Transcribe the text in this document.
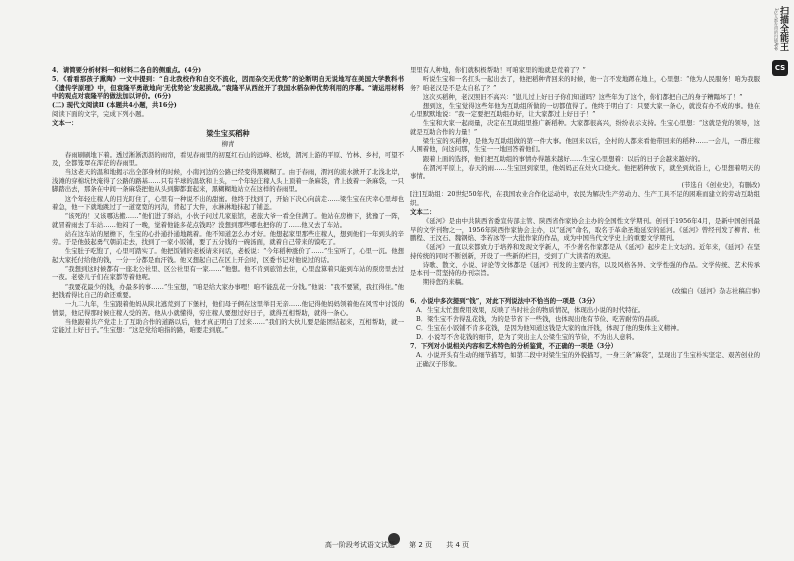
扫描全能王
3亿人都在用的扫描App
CS

4．请简要分析材料一和材料二各自的侧重点。(4分)

5．《看看那孩子熏陶》一文中提到：“自北我校作和自交不流化，因而杂交无优势”的论断明自无说地写在美国大学教科书《遗传学原理》中，但袁隆平勇敢地向‘无优势论’发起挑战。”袁隆平从西丝开了我国水稻杂种优势利用的序幕。“请运用材料中的观点对袁隆平的做法加以评价。(6分)

(二) 现代文阅读Ⅱ (本题共4小题，共16分)

阅读下面的文字，完成下列小题。

文本一：

梁生宝买稻种

柳青

春雨刷刷地下着。透过淅淅沥沥的雨帘，看见春雨里的初夏红石山的远峰、松坡，渭河上游的平原、竹林、乡村，可望不及，全都笼罩在浑茫的春雨里。

当这老天的温和地揭示出全部身材的时候，小南河边的公路已经变得黑糊糊了。由于春雨，渭河的流水掀开了北浅北岸，浅滩的穿棉坑快淹得了公路的路基……只有半球的温软和上头，一个年轻庄稼人头上顶着一条麻袋，背上披着一条麻袋，一只脚踏出去，那条在中间一条麻袋把他从头到脚都套起来，黑糊糊地站立在这样的春雨里。

这个年轻庄稼人的目光盯住了，心里有一种说不出的甜蜜。他终于找到了，开始下决心向前走……梁生宝在庆幸心里却也着急，他一下就地跳过了一道宽宽的河沟，背起了大件，水淋淋地抹起了铺盖。

“该死的！又该哪达搬……”他们进了驿站，小伙子问过几家旅馆，老旅大爷一看全住满了。他站在房檐下，犹豫了一阵，就冒着雨去了车站……他闷了一晚，觉着他能多花点钱吗？没想到那些哪也把你的了……他又去了车站。

站在这车站的屋檐下，生宝的心扑通扑通地跳着。他不知道怎么办才好。他想起家里那些庄稼人，想到他们一年到头的辛劳。于是他鼓起勇气朝前走去，找到了一家小饭铺，要了五分钱的一碗汤面，就着自己带来的馍吃了。

生宝肚子吃饱了，心里可踏实了。他把饭铺的老板请来问话，老板说：“今年稻种涨价了……”生宝听了，心里一沉。他想起大家托付给他的钱，一分一分都是血汗钱。他又想起自己在区上开会时，区委书记对他说过的话。

“我想到这时候都有一座北公社里、区公社里有一家……”他想。他不肯到旅馆去住，心里盘算着只能到车站的票房里去过一夜。老婆儿子们在家都等着他呢。

“我要花最少的钱，办最多的事……”生宝想，“咱是给大家办事哩！咱不能乱花一分钱。”他说：“我不要紧，我扛得住。”他把钱看得比自己的命还重要。

一九二九年，生宝跟着他妈从陕北逃荒到了下堡村，他们母子俩在这里举目无亲……他记得他妈妈领着他在风雪中讨饭的情景，他记得那时候庄稼人受的苦。他从小就懂得，穷庄稼人要想过好日子，就得互相帮助，就得一条心。

当他跟着共产党走上了互助合作的道路以后，他才真正明白了过来……“我们的大伙儿要是能团结起来，互相帮助，就一定能过上好日子。”生宝想：“这是党给咱指的路，咱要走到底。”

里里有人种地，你们就积极帮助！可咱家里的地就是荒着了？”

听说生宝和一名扛头一起出去了，他把稻种背回来的时候，他一言不发地蹲在地上，心里想：“他为人民服务！咱为我服务？咱老汉是不是太自私了？”

这次买稻种，老汉照旧不高兴：“崽儿过上好日子你们知道吗？这些年为了这个，你们都把自己的身子糟蹋坏了！”

想到这，生宝觉得这些年他为互助组所做的一切都值得了。他终于明白了：只要大家一条心，就没有办不成的事。他在心里默默地说：“我一定要把互助组办好，让大家都过上好日子！”

生宝和大家一起商量，决定在互助组里推广新稻种。大家都很高兴，纷纷表示支持。生宝心里想：“这就是党的领导，这就是互助合作的力量！”

梁生宝的买稻种，是他为互助组做的第一件大事。他回来以后，全村的人都来看他带回来的稻种……一会儿，一群庄稼人围着他，问这问那，生宝一一地回答着他们。

跟着上面的选择，他们把互助组的事情办得越来越好……生宝心里想着：以后的日子会越来越好的。

在渭河平原上，春天的雨……生宝回到家里，他妈妈正在灶火口烧火。他把稻种放下，就坐到炕沿上，心里想着明天的事情。

(节选自《创业史》，有删改)

[注]互助组：20世纪50年代，在我国农业合作化运动中，农民为解决生产劳动力、生产工具不足的困难而建立的劳动互助组织。

文本二：

《延河》是由中共陕西省委宣传部主管、陕西省作家协会主办的全国性文学期刊。创刊于1956年4月，是新中国创刊最早的文学刊物之一，1956年陕西作家协会主办，以“延河”命名，取名于革命圣地延安的延河。《延河》曾经刊发了柳青、杜鹏程、王汶石、魏钢焰、李若冰等一大批作家的作品，成为中国当代文学史上的重要文学期刊。

《延河》一直以来都致力于培养和发现文学新人，不少著名作家都是从《延河》起步走上文坛的。近年来，《延河》在坚持传统的同时不断创新，开设了一些新的栏目，受到了广大读者的欢迎。

诗歌、散文、小说、评论等文体都是《延河》刊发的主要内容，以及风格各异、文学性强的作品。文学传统、艺术传承是本刊一贯坚持的办刊宗旨。

期待您的来稿。

(改编自《延河》杂志社稿启事)

6．小说中多次提到“钱”，对此下列说法中不恰当的一项是（3分）

A．生宝太忙想费用效果，反映了当时社会的物质情况，体现出小说的时代特征。

B．梁生宝不舍得乱花钱，为的是节省下一些钱，也体现出他有节俭、吃苦耐劳的品质。

C．生宝在小饭铺不肯多花钱，是因为他知道这钱是大家的血汗钱，体现了他的集体主义精神。

D．小说写不舍花钱的细节，是为了突出主人公梁生宝的节俭，不为出人意料。

7．下列对小说相关内容和艺术特色的分析鉴赏，不正确的一项是（3分）

A．小说开头有生动的细节描写，如第二段中对梁生宝的外貌描写，一身三条“麻袋”，呈现出了生宝朴实坚定、艰苦创业的正确汉子形象。

高一阶段考试语文试题 第 2 页 共 4 页
